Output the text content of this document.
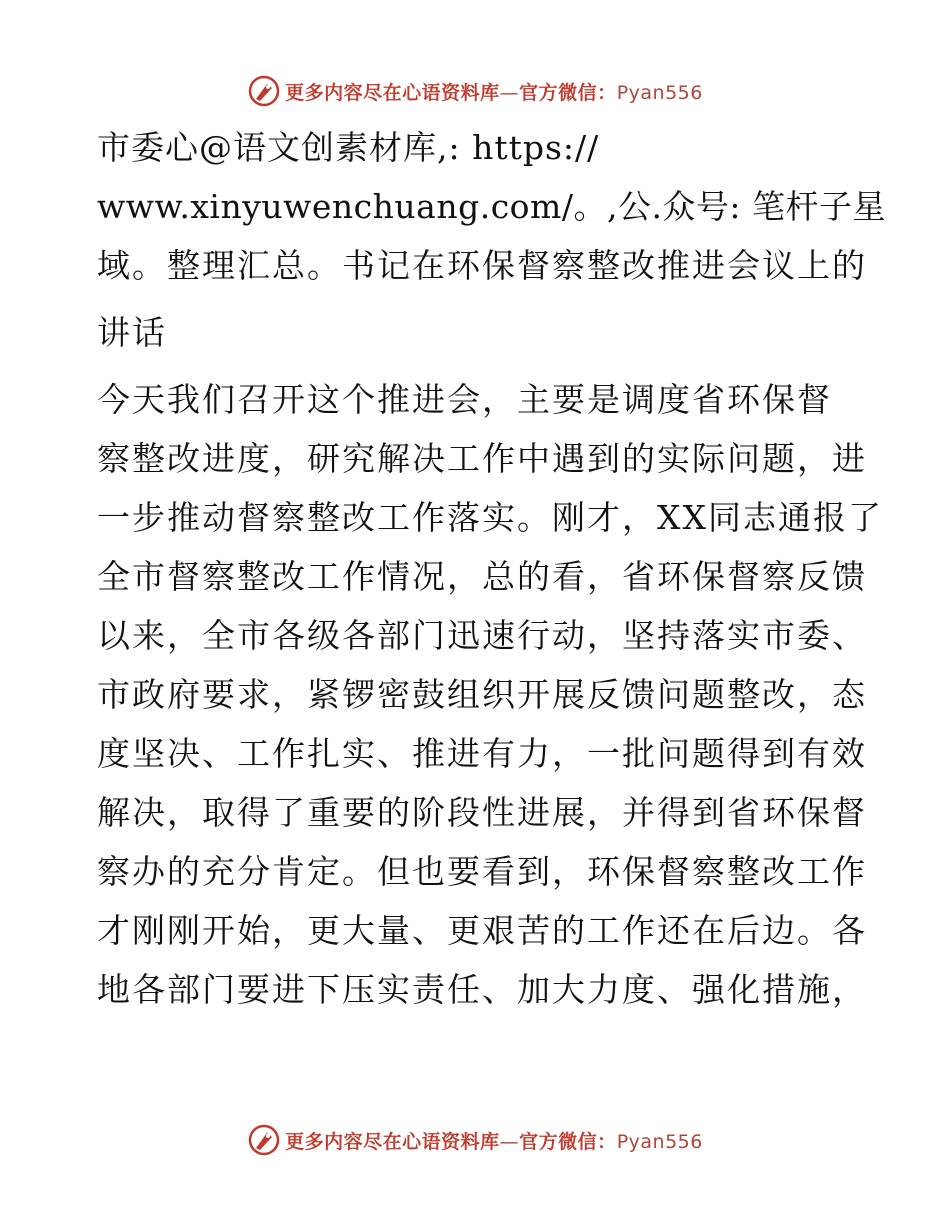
更多内容尽在心语资料库—官方微信：Pyan556
市委心@语文创素材库,: https://
www.xinyuwenchuang.com/。,公.众号: 笔杆子星
域。整理汇总。书记在环保督察整改推进会议上的
讲话
今天我们召开这个推进会，主要是调度省环保督
察整改进度，研究解决工作中遇到的实际问题，进
一步推动督察整改工作落实。刚才，XX同志通报了
全市督察整改工作情况，总的看，省环保督察反馈
以来，全市各级各部门迅速行动，坚持落实市委、
市政府要求，紧锣密鼓组织开展反馈问题整改，态
度坚决、工作扎实、推进有力，一批问题得到有效
解决，取得了重要的阶段性进展，并得到省环保督
察办的充分肯定。但也要看到，环保督察整改工作
才刚刚开始，更大量、更艰苦的工作还在后边。各
地各部门要进下压实责任、加大力度、强化措施，
更多内容尽在心语资料库—官方微信：Pyan556
